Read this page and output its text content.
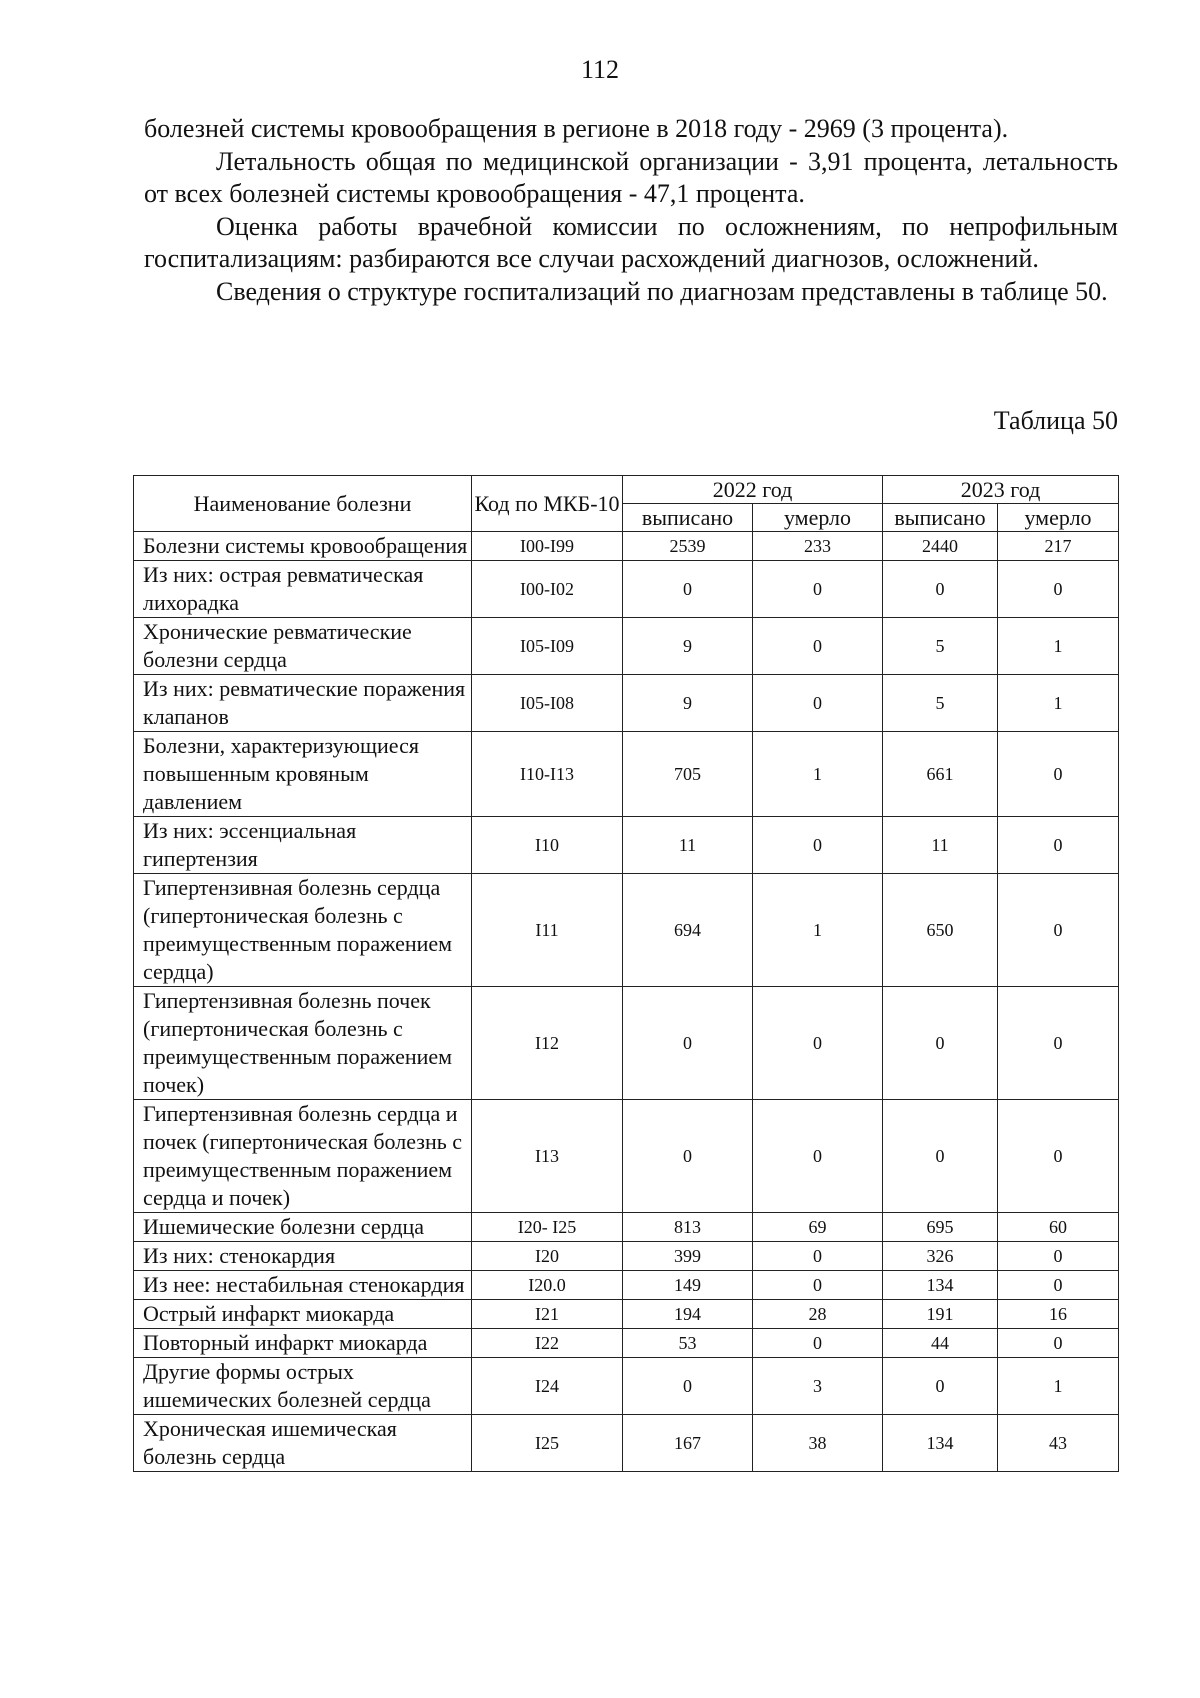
112

болезней системы кровообращения в регионе в 2018 году - 2969 (3 процента).

Летальность общая по медицинской организации - 3,91 процента, летальность от всех болезней системы кровообращения - 47,1 процента.

Оценка работы врачебной комиссии по осложнениям, по непрофильным госпитализациям: разбираются все случаи расхождений диагнозов, осложнений.

Сведения о структуре госпитализаций по диагнозам представлены в таблице 50.

Таблица 50
Наименование болезни	Код по МКБ-10	2022 год		2023 год	
		выписано	умерло	выписано	умерло
Болезни системы кровообращения	I00-I99	2539	233	2440	217
Из них: острая ревматическая лихорадка	I00-I02	0	0	0	0
Хронические ревматические болезни сердца	I05-I09	9	0	5	1
Из них: ревматические поражения клапанов	I05-I08	9	0	5	1
Болезни, характеризующиеся повышенным кровяным давлением	I10-I13	705	1	661	0
Из них: эссенциальная гипертензия	I10	11	0	11	0
Гипертензивная болезнь сердца (гипертоническая болезнь с преимущественным поражением сердца)	I11	694	1	650	0
Гипертензивная болезнь почек (гипертоническая болезнь с преимущественным поражением почек)	I12	0	0	0	0
Гипертензивная болезнь сердца и почек (гипертоническая болезнь с преимущественным поражением сердца и почек)	I13	0	0	0	0
Ишемические болезни сердца	I20- I25	813	69	695	60
Из них: стенокардия	I20	399	0	326	0
Из нее: нестабильная стенокардия	I20.0	149	0	134	0
Острый инфаркт миокарда	I21	194	28	191	16
Повторный инфаркт миокарда	I22	53	0	44	0
Другие формы острых ишемических болезней сердца	I24	0	3	0	1
Хроническая ишемическая болезнь сердца	I25	167	38	134	43
